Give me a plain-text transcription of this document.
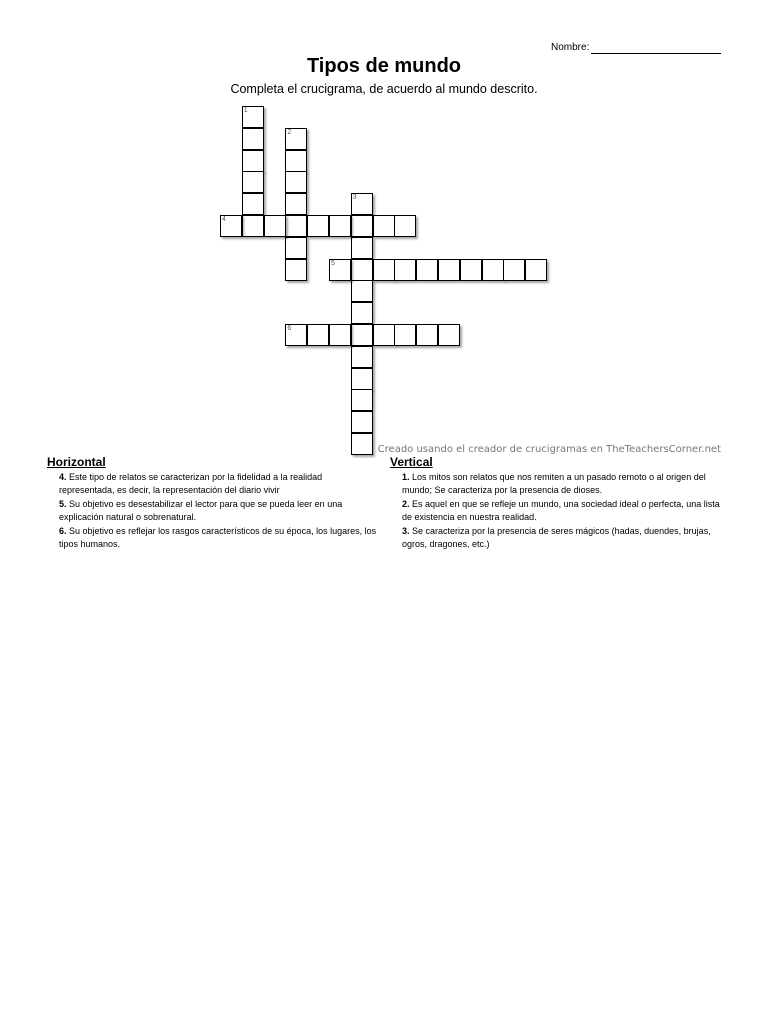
Nombre:
Tipos de mundo
Completa el crucigrama, de acuerdo al mundo descrito.
1
2
3
4
5
6
Creado usando el creador de crucigramas en TheTeachersCorner.net
Horizontal

4. Este tipo de relatos se caracterizan por la fidelidad a la realidad representada, es decir, la representación del diario vivir

5. Su objetivo es desestabilizar el lector para que se pueda leer en una explicación natural o sobrenatural.

6. Su objetivo es reflejar los rasgos característicos de su época, los lugares, los tipos humanos.

Vertical

1. Los mitos son relatos que nos remiten a un pasado remoto o al origen del mundo; Se caracteriza por la presencia de dioses.

2. Es aquel en que se refleje un mundo, una sociedad ideal o perfecta, una lista de existencia en nuestra realidad.

3. Se caracteriza por la presencia de seres mágicos (hadas, duendes, brujas, ogros, dragones, etc.)
